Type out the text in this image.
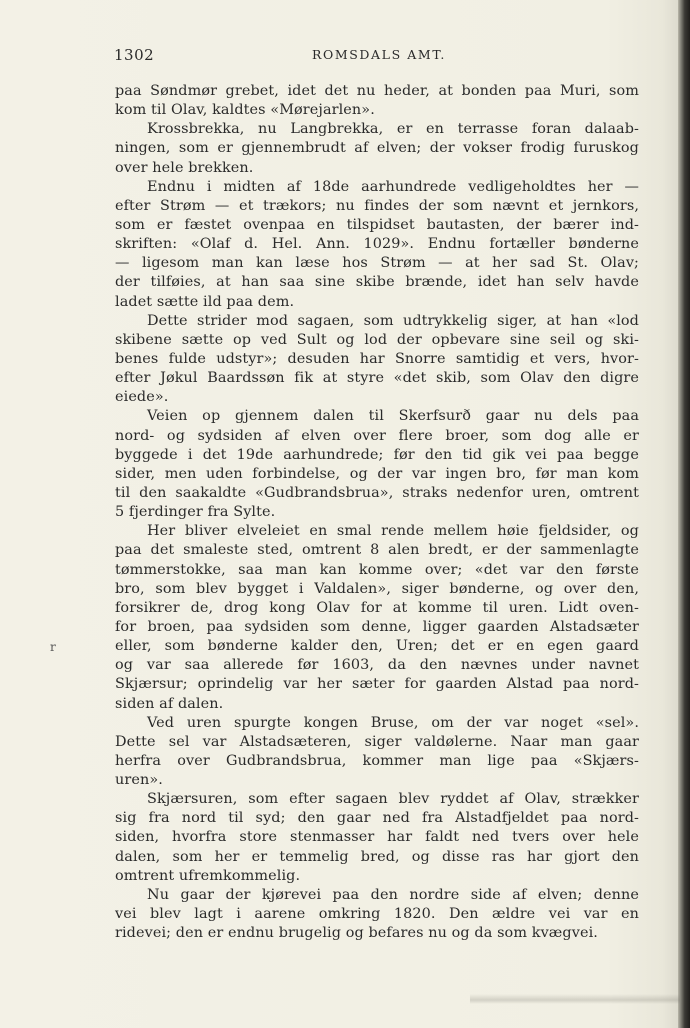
1302	ROMSDALS AMT.
r
paa Søndmør grebet, idet det nu heder, at bonden paa Muri, som
kom til Olav, kaldtes «Mørejarlen».
Krossbrekka, nu Langbrekka, er en terrasse foran dalaab-
ningen, som er gjennembrudt af elven; der vokser frodig furuskog
over hele brekken.
Endnu i midten af 18de aarhundrede vedligeholdtes her —
efter Strøm — et trækors; nu findes der som nævnt et jernkors,
som er fæstet ovenpaa en tilspidset bautasten, der bærer ind-
skriften: «Olaf d. Hel. Ann. 1029». Endnu fortæller bønderne
— ligesom man kan læse hos Strøm — at her sad St. Olav;
der tilføies, at han saa sine skibe brænde, idet han selv havde
ladet sætte ild paa dem.
Dette strider mod sagaen, som udtrykkelig siger, at han «lod
skibene sætte op ved Sult og lod der opbevare sine seil og ski-
benes fulde udstyr»; desuden har Snorre samtidig et vers, hvor-
efter Jøkul Baardssøn fik at styre «det skib, som Olav den digre
eiede».
Veien op gjennem dalen til Skerfsurð gaar nu dels paa
nord- og sydsiden af elven over flere broer, som dog alle er
byggede i det 19de aarhundrede; før den tid gik vei paa begge
sider, men uden forbindelse, og der var ingen bro, før man kom
til den saakaldte «Gudbrandsbrua», straks nedenfor uren, omtrent
5 fjerdinger fra Sylte.
Her bliver elveleiet en smal rende mellem høie fjeldsider, og
paa det smaleste sted, omtrent 8 alen bredt, er der sammenlagte
tømmerstokke, saa man kan komme over; «det var den første
bro, som blev bygget i Valdalen», siger bønderne, og over den,
forsikrer de, drog kong Olav for at komme til uren. Lidt oven-
for broen, paa sydsiden som denne, ligger gaarden Alstadsæter
eller, som bønderne kalder den, Uren; det er en egen gaard
og var saa allerede før 1603, da den nævnes under navnet
Skjærsur; oprindelig var her sæter for gaarden Alstad paa nord-
siden af dalen.
Ved uren spurgte kongen Bruse, om der var noget «sel».
Dette sel var Alstadsæteren, siger valdølerne. Naar man gaar
herfra over Gudbrandsbrua, kommer man lige paa «Skjærs-
uren».
Skjærsuren, som efter sagaen blev ryddet af Olav, strækker
sig fra nord til syd; den gaar ned fra Alstadfjeldet paa nord-
siden, hvorfra store stenmasser har faldt ned tvers over hele
dalen, som her er temmelig bred, og disse ras har gjort den
omtrent ufremkommelig.
Nu gaar der kjørevei paa den nordre side af elven; denne
vei blev lagt i aarene omkring 1820. Den ældre vei var en
ridevei; den er endnu brugelig og befares nu og da som kvægvei.
